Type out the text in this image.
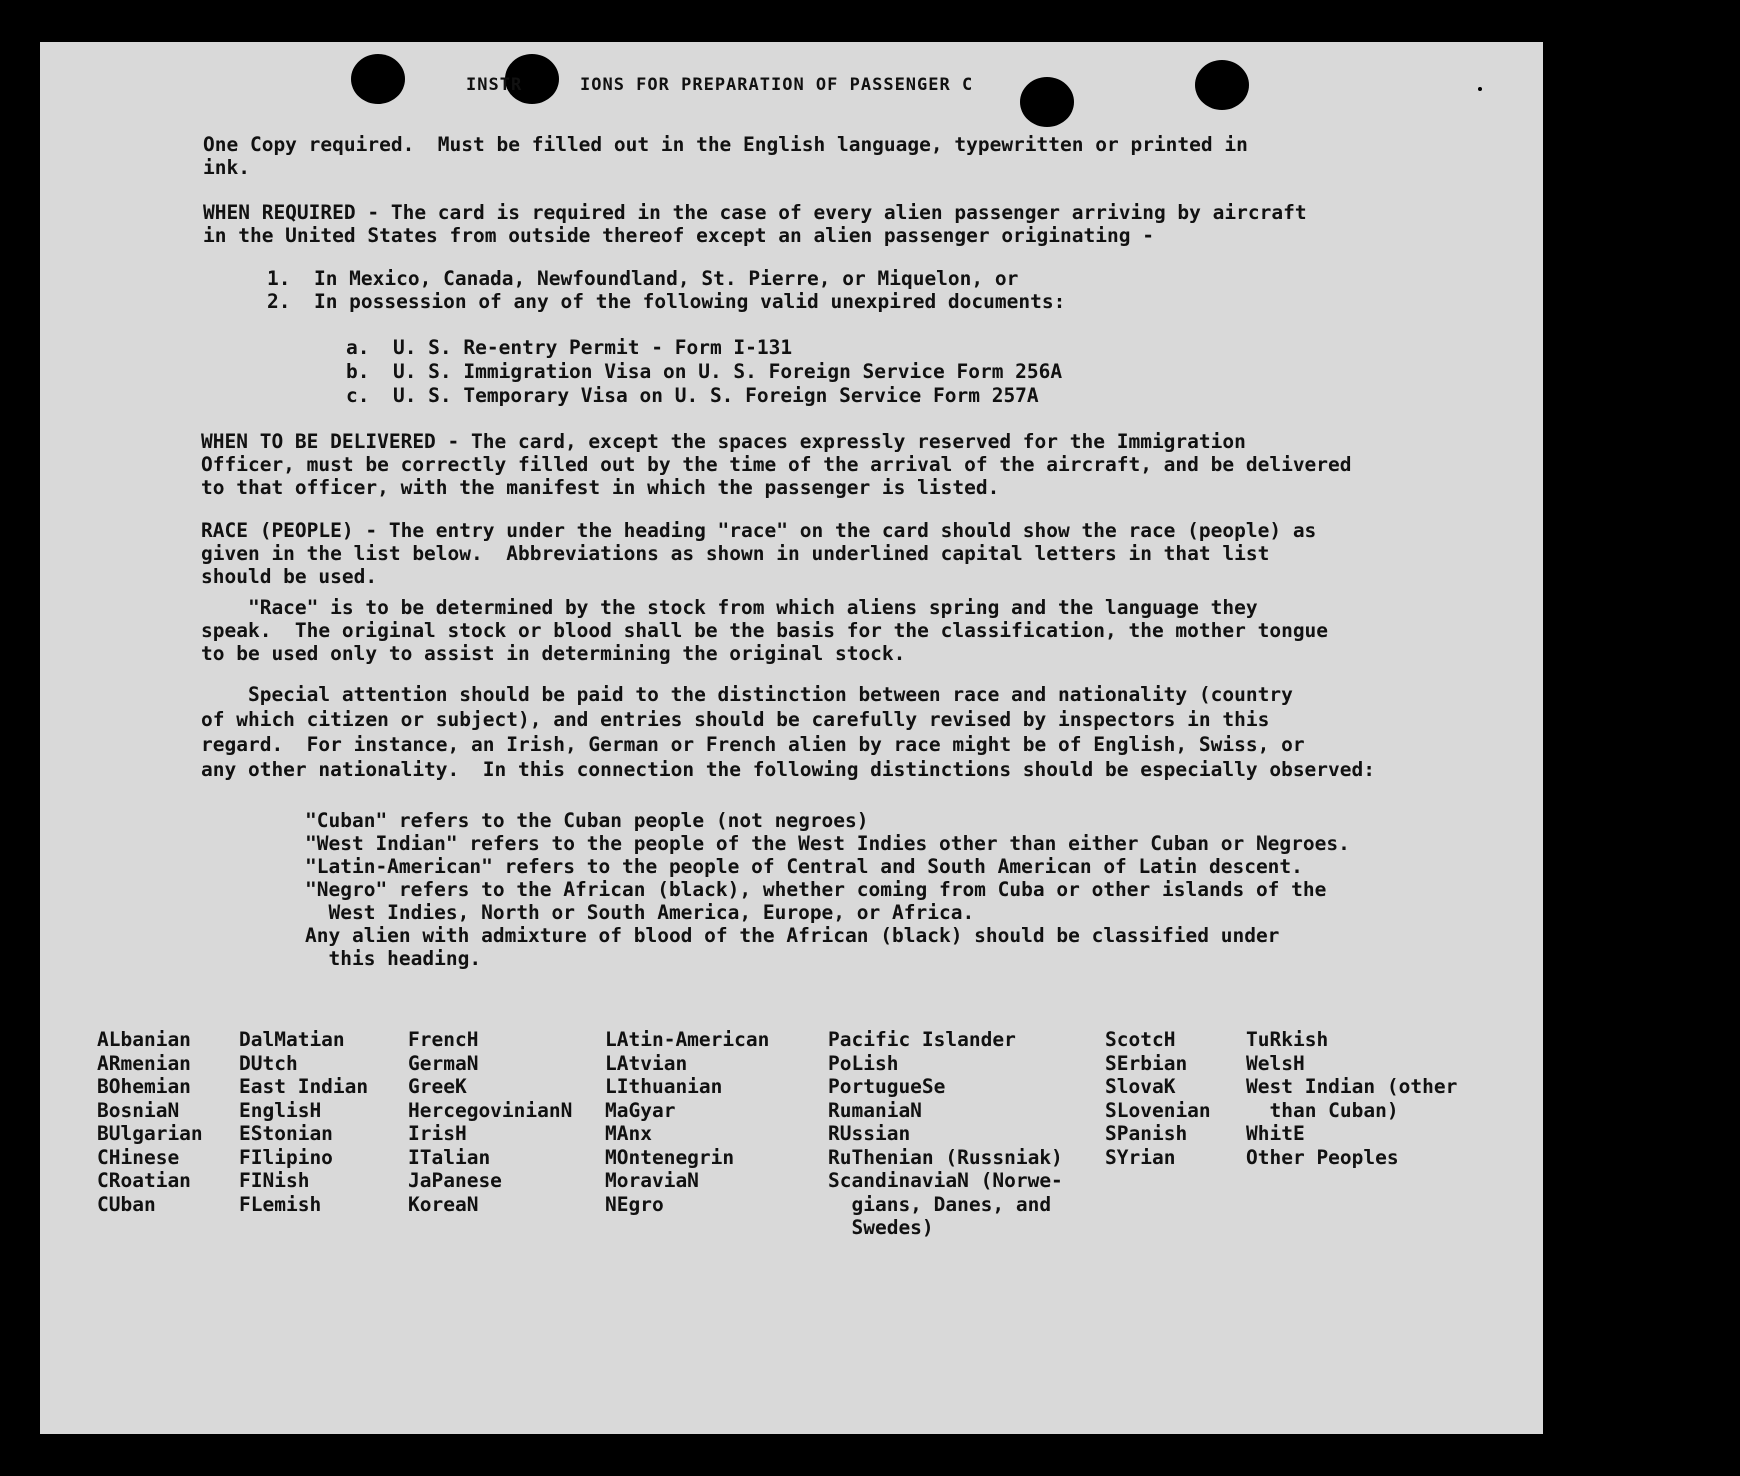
INSTR	IONS FOR PREPARATION OF PASSENGER C
One Copy required.  Must be filled out in the English language, typewritten or printed in
ink.
WHEN REQUIRED - The card is required in the case of every alien passenger arriving by aircraft
in the United States from outside thereof except an alien passenger originating -
1.  In Mexico, Canada, Newfoundland, St. Pierre, or Miquelon, or
2.  In possession of any of the following valid unexpired documents:
a.  U. S. Re-entry Permit - Form I-131
b.  U. S. Immigration Visa on U. S. Foreign Service Form 256A
c.  U. S. Temporary Visa on U. S. Foreign Service Form 257A
WHEN TO BE DELIVERED - The card, except the spaces expressly reserved for the Immigration
Officer, must be correctly filled out by the time of the arrival of the aircraft, and be delivered
to that officer, with the manifest in which the passenger is listed.
RACE (PEOPLE) - The entry under the heading "race" on the card should show the race (people) as
given in the list below.  Abbreviations as shown in underlined capital letters in that list
should be used.
"Race" is to be determined by the stock from which aliens spring and the language they
speak.  The original stock or blood shall be the basis for the classification, the mother tongue
to be used only to assist in determining the original stock.
Special attention should be paid to the distinction between race and nationality (country
of which citizen or subject), and entries should be carefully revised by inspectors in this
regard.  For instance, an Irish, German or French alien by race might be of English, Swiss, or
any other nationality.  In this connection the following distinctions should be especially observed:
"Cuban" refers to the Cuban people (not negroes)
"West Indian" refers to the people of the West Indies other than either Cuban or Negroes.
"Latin-American" refers to the people of Central and South American of Latin descent.
"Negro" refers to the African (black), whether coming from Cuba or other islands of the
West Indies, North or South America, Europe, or Africa.
Any alien with admixture of blood of the African (black) should be classified under
this heading.
ALbanian
ARmenian
BOhemian
BosniaN
BUlgarian
CHinese
CRoatian
CUban
DalMatian
DUtch
East Indian
EnglisH
EStonian
FIlipino
FINish
FLemish
FrencH
GermaN
GreeK
HercegovinianN
IrisH
ITalian
JaPanese
KoreaN
LAtin-American
LAtvian
LIthuanian
MaGyar
MAnx
MOntenegrin
MoraviaN
NEgro
Pacific Islander
PoLish
PortugueSe
RumaniaN
RUssian
RuThenian (Russniak)
ScandinaviaN (Norwe-
gians, Danes, and
Swedes)
ScotcH
SErbian
SlovaK
SLovenian
SPanish
SYrian
TuRkish
WelsH
West Indian (other
than Cuban)
WhitE
Other Peoples
